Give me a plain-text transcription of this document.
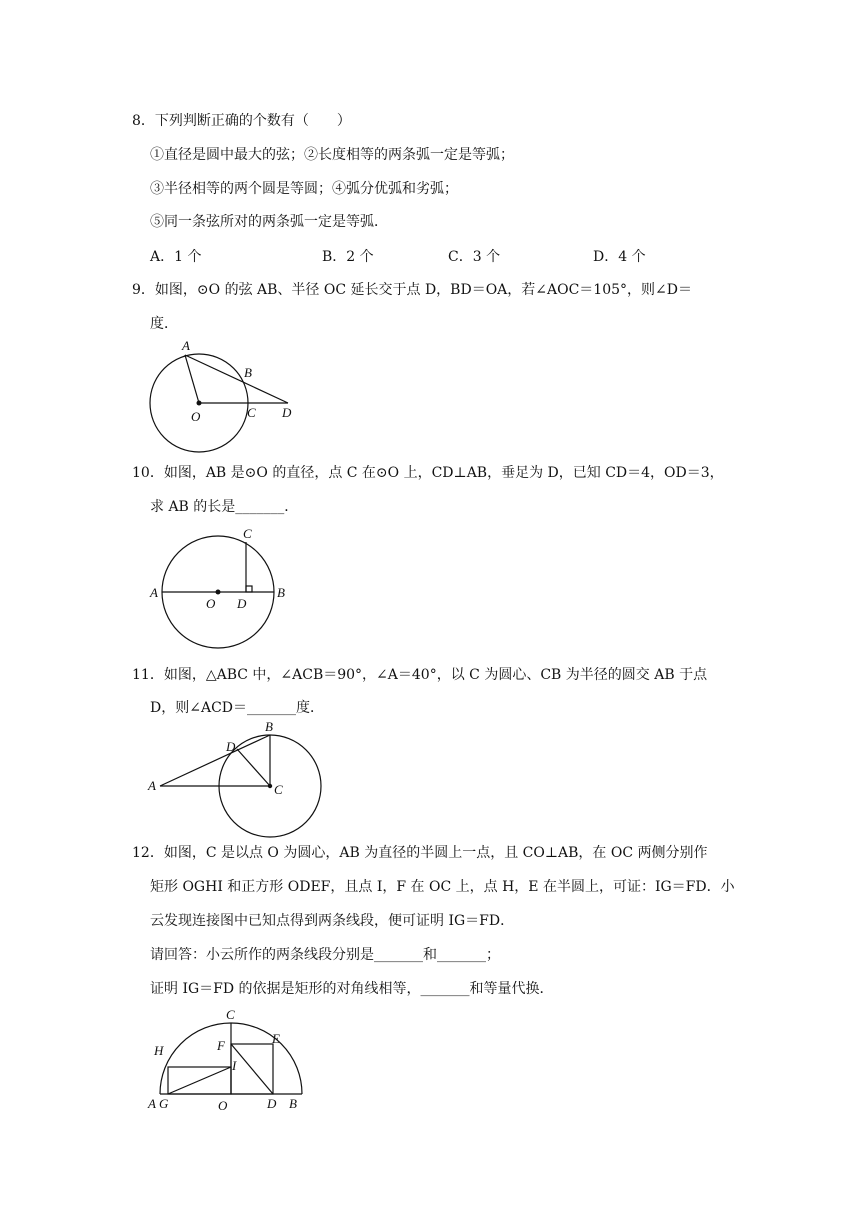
8．下列判断正确的个数有（　　）
①直径是圆中最大的弦；②长度相等的两条弧一定是等弧；
③半径相等的两个圆是等圆；④弧分优弧和劣弧；
⑤同一条弦所对的两条弧一定是等弧．
A．1 个	B．2 个	C．3 个	D．4 个
9．如图，⊙O 的弦 AB、半径 OC 延长交于点 D，BD＝OA，若∠AOC＝105°，则∠D＝
度．
A
B
O	C D
10．如图，AB 是⊙O 的直径，点 C 在⊙O 上，CD⊥AB，垂足为 D，已知 CD＝4，OD＝3，
求 AB 的长是_______．
A
O D
B
C
11．如图，△ABC 中，∠ACB＝90°，∠A＝40°，以 C 为圆心、CB 为半径的圆交 AB 于点
D，则∠ACD＝_______度．
A
B
C
D
12．如图，C 是以点 O 为圆心，AB 为直径的半圆上一点，且 CO⊥AB，在 OC 两侧分别作
矩形 OGHI 和正方形 ODEF，且点 I，F 在 OC 上，点 H，E 在半圆上，可证：IG＝FD．小
云发现连接图中已知点得到两条线段，便可证明 IG＝FD．
请回答：小云所作的两条线段分别是_______和_______；
证明 IG＝FD 的依据是矩形的对角线相等，_______和等量代换．
C
E
F
H
I
A G	O	D B
